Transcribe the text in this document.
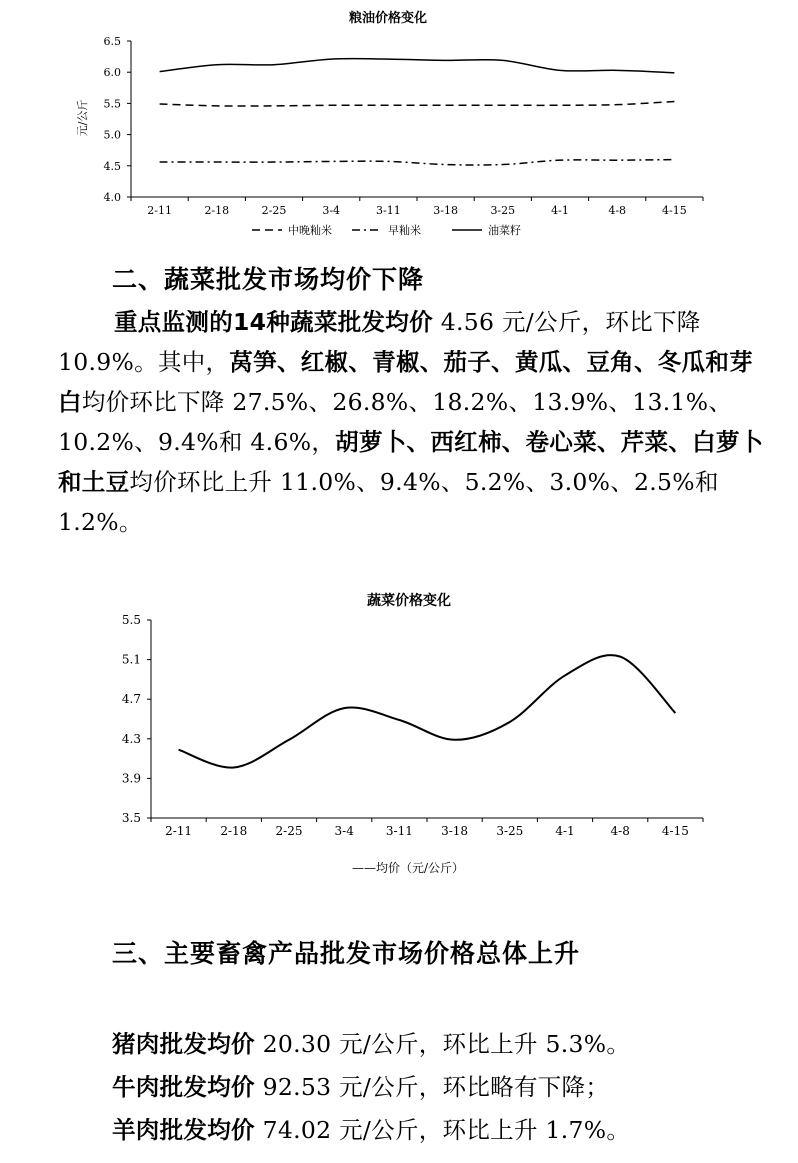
粮油价格变化
元/公斤
4.0
4.5
5.0
5.5
6.0
6.5
2-11	2-18	2-25	3-4	3-11	3-18	3-25	4-1	4-8	4-15
中晚籼米	早籼米	油菜籽
二、蔬菜批发市场均价下降

重点监测的14种蔬菜批发均价 4.56 元/公斤，环比下降 10.9%。其中，莴笋、红椒、青椒、茄子、黄瓜、豆角、冬瓜和芽白均价环比下降 27.5%、26.8%、18.2%、13.9%、13.1%、10.2%、9.4%和 4.6%，胡萝卜、西红柿、卷心菜、芹菜、白萝卜和土豆均价环比上升 11.0%、9.4%、5.2%、3.0%、2.5%和 1.2%。

蔬菜价格变化
3.5
3.9
4.3
4.7
5.1
5.5
2-11 2-18 2-25	3-4	3-11 3-18 3-25	4-1	4-8	4-15
——均价（元/公斤）
三、主要畜禽产品批发市场价格总体上升
猪肉批发均价 20.30 元/公斤，环比上升 5.3%。
牛肉批发均价 92.53 元/公斤，环比略有下降；
羊肉批发均价 74.02 元/公斤，环比上升 1.7%。
